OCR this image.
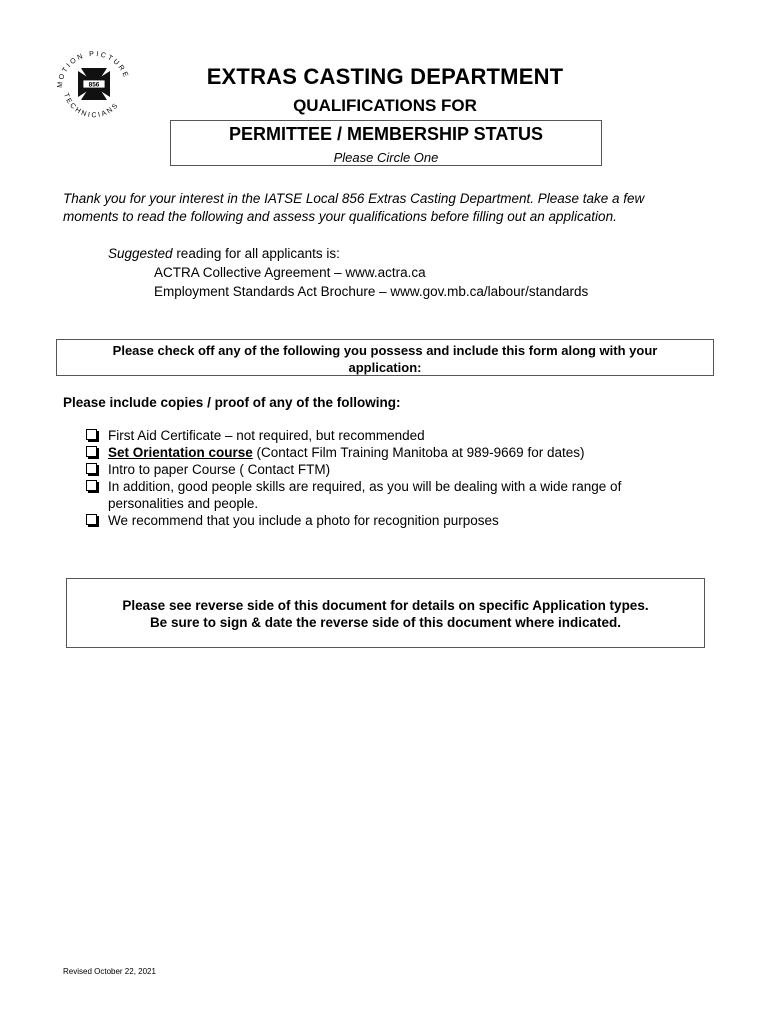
MOTION PICTURE
TECHNICIANS
856	EXTRAS CASTING DEPARTMENT
QUALIFICATIONS FOR
PERMITTEE / MEMBERSHIP STATUS
Please Circle One
Thank you for your interest in the IATSE Local 856 Extras Casting Department. Please take a few
moments to read the following and assess your qualifications before filling out an application.
Suggested reading for all applicants is:
ACTRA Collective Agreement – www.actra.ca
Employment Standards Act Brochure – www.gov.mb.ca/labour/standards
Please check off any of the following you possess and include this form along with your
application:
Please include copies / proof of any of the following:
First Aid Certificate – not required, but recommended
Set Orientation course (Contact Film Training Manitoba at 989-9669 for dates)
Intro to paper Course ( Contact FTM)
In addition, good people skills are required, as you will be dealing with a wide range of
personalities and people.
We recommend that you include a photo for recognition purposes
Please see reverse side of this document for details on specific Application types.
Be sure to sign & date the reverse side of this document where indicated.
Revised October 22, 2021
